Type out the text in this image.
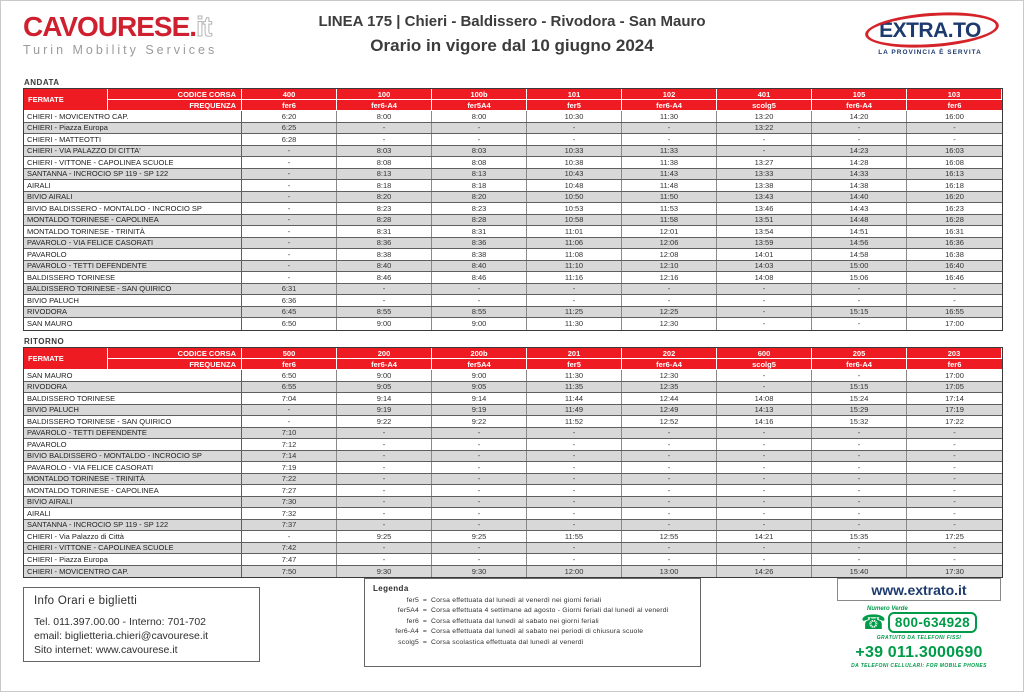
CAVOURESE.it
Turin Mobility Services
LINEA 175 | Chieri - Baldissero - Rivodora - San Mauro
Orario in vigore dal 10 giugno 2024
EXTRA.TO
LA PROVINCIA È SERVITA
ANDATA
FERMATE
CODICE CORSA	400	100	100b	101	102	401	105	103
FREQUENZA	fer6	fer6-A4	fer5A4	fer5	fer6-A4	scolg5	fer6-A4	fer6
CHIERI - MOVICENTRO CAP.	6:20	8:00	8:00	10:30	11:30	13:20	14:20	16:00
CHIERI - Piazza Europa	6:25	-	-	-	-	13:22	-	-
CHIERI - MATTEOTTI	6:28	-	-	-	-	-	-	-
CHIERI - VIA PALAZZO DI CITTA'	-	8:03	8:03	10:33	11:33	-	14:23	16:03
CHIERI - VITTONE - CAPOLINEA SCUOLE	-	8:08	8:08	10:38	11:38	13:27	14:28	16:08
SANTANNA - INCROCIO SP 119 - SP 122	-	8:13	8:13	10:43	11:43	13:33	14:33	16:13
AIRALI	-	8:18	8:18	10:48	11:48	13:38	14:38	16:18
BIVIO AIRALI	-	8:20	8:20	10:50	11:50	13:43	14:40	16:20
BIVIO BALDISSERO - MONTALDO - INCROCIO SP	-	8:23	8:23	10:53	11:53	13:46	14:43	16:23
MONTALDO TORINESE - CAPOLINEA	-	8:28	8:28	10:58	11:58	13:51	14:48	16:28
MONTALDO TORINESE - TRINITÀ	-	8:31	8:31	11:01	12:01	13:54	14:51	16:31
PAVAROLO - VIA FELICE CASORATI	-	8:36	8:36	11:06	12:06	13:59	14:56	16:36
PAVAROLO	-	8:38	8:38	11:08	12:08	14:01	14:58	16:38
PAVAROLO - TETTI DEFENDENTE	-	8:40	8:40	11:10	12:10	14:03	15:00	16:40
BALDISSERO TORINESE	-	8:46	8:46	11:16	12:16	14:08	15:06	16:46
BALDISSERO TORINESE - SAN QUIRICO	6:31	-	-	-	-	-	-	-
BIVIO PALUCH	6:36	-	-	-	-	-	-	-
RIVODORA	6:45	8:55	8:55	11:25	12:25	-	15:15	16:55
SAN MAURO	6:50	9:00	9:00	11:30	12:30	-	-	17:00
RITORNO
FERMATE
CODICE CORSA	500	200	200b	201	202	600	205	203
FREQUENZA	fer6	fer6-A4	fer5A4	fer5	fer6-A4	scolg5	fer6-A4	fer6
SAN MAURO	6:50	9:00	9:00	11:30	12:30	-	-	17:00
RIVODORA	6:55	9:05	9:05	11:35	12:35	-	15:15	17:05
BALDISSERO TORINESE	7:04	9:14	9:14	11:44	12:44	14:08	15:24	17:14
BIVIO PALUCH	-	9:19	9:19	11:49	12:49	14:13	15:29	17:19
BALDISSERO TORINESE - SAN QUIRICO	-	9:22	9:22	11:52	12:52	14:16	15:32	17:22
PAVAROLO - TETTI DEFENDENTE	7:10	-	-	-	-	-	-	-
PAVAROLO	7:12	-	-	-	-	-	-	-
BIVIO BALDISSERO - MONTALDO - INCROCIO SP	7:14	-	-	-	-	-	-	-
PAVAROLO - VIA FELICE CASORATI	7:19	-	-	-	-	-	-	-
MONTALDO TORINESE - TRINITÀ	7:22	-	-	-	-	-	-	-
MONTALDO TORINESE - CAPOLINEA	7:27	-	-	-	-	-	-	-
BIVIO AIRALI	7:30	-	-	-	-	-	-	-
AIRALI	7:32	-	-	-	-	-	-	-
SANTANNA - INCROCIO SP 119 - SP 122	7:37	-	-	-	-	-	-	-
CHIERI - Via Palazzo di Città	-	9:25	9:25	11:55	12:55	14:21	15:35	17:25
CHIERI - VITTONE - CAPOLINEA SCUOLE	7:42	-	-	-	-	-	-	-
CHIERI - Piazza Europa	7:47	-	-	-	-	-	-	-
CHIERI - MOVICENTRO CAP.	7:50	9:30	9:30	12:00	13:00	14:26	15:40	17:30
Info Orari e biglietti
Tel. 011.397.00.00 - Interno: 701-702
email: biglietteria.chieri@cavourese.it
Sito internet: www.cavourese.it
Legenda
fer5 = Corsa effettuata dal lunedì al venerdì nei giorni feriali
fer5A4 = Corsa effettuata 4 settimane ad agosto - Giorni feriali dal lunedì al venerdì
fer6 = Corsa effettuata dal lunedì al sabato nei giorni feriali
fer6-A4 = Corsa effettuata dal lunedì al sabato nei periodi di chiusura scuole
scolg5 = Corsa scolastica effettuata dal lunedì al venerdì
www.extrato.it
Numero Verde
☎ 800-634928
GRATUITO DA TELEFONI FISSI
+39 011.3000690
DA TELEFONI CELLULARI: FOR MOBILE PHONES
